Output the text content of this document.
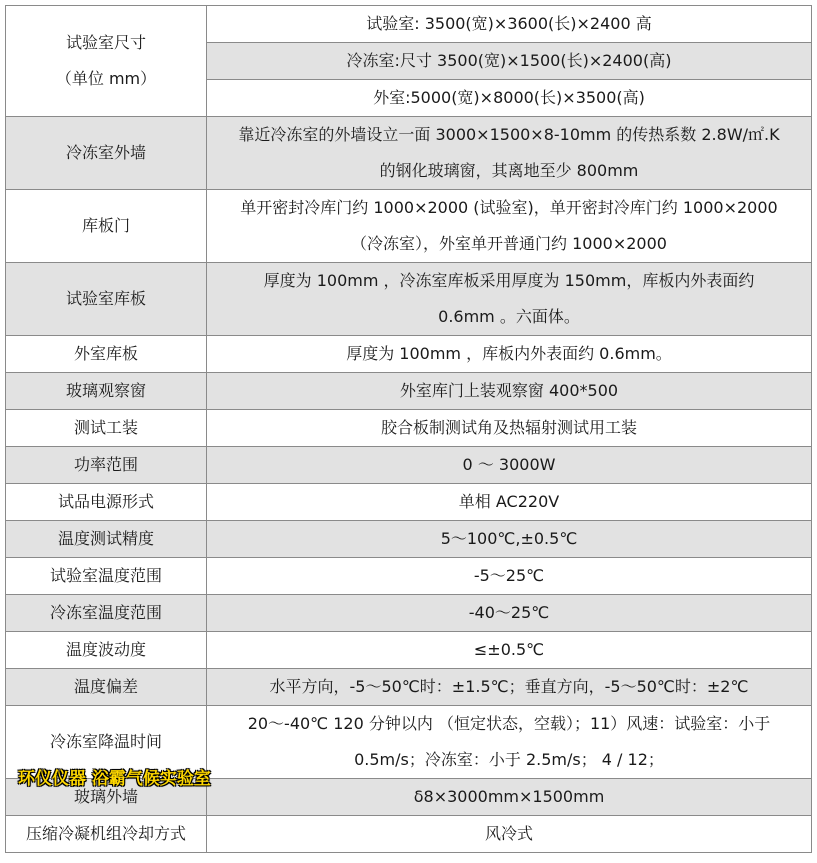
试验室尺寸
（单位 mm）	试验室: 3500(宽)×3600(长)×2400 高
	冷冻室:尺寸 3500(宽)×1500(长)×2400(高)
	外室:5000(宽)×8000(长)×3500(高)
冷冻室外墙	靠近冷冻室的外墙设立一面 3000×1500×8-10mm 的传热系数 2.8W/㎡.K
的钢化玻璃窗，其离地至少 800mm
库板门	单开密封冷库门约 1000×2000 (试验室)，单开密封冷库门约 1000×2000
（冷冻室），外室单开普通门约 1000×2000
试验室库板	厚度为 100mm ，冷冻室库板采用厚度为 150mm，库板内外表面约
0.6mm 。六面体。
外室库板	厚度为 100mm ，库板内外表面约 0.6mm。
玻璃观察窗	外室库门上装观察窗 400*500
测试工装	胶合板制测试角及热辐射测试用工装
功率范围	0 ～ 3000W
试品电源形式	单相 AC220V
温度测试精度	5～100℃,±0.5℃
试验室温度范围	-5～25℃
冷冻室温度范围	-40～25℃
温度波动度	≤±0.5℃
温度偏差	水平方向，-5～50℃时：±1.5℃；垂直方向，-5～50℃时：±2℃
冷冻室降温时间	20～-40℃ 120 分钟以内 （恒定状态，空载）；11）风速：试验室：小于
0.5m/s；冷冻室：小于 2.5m/s； 4 / 12；
玻璃外墙	δ8×3000mm×1500mm
压缩冷凝机组冷却方式	风冷式
环仪仪器 浴霸气候实验室
